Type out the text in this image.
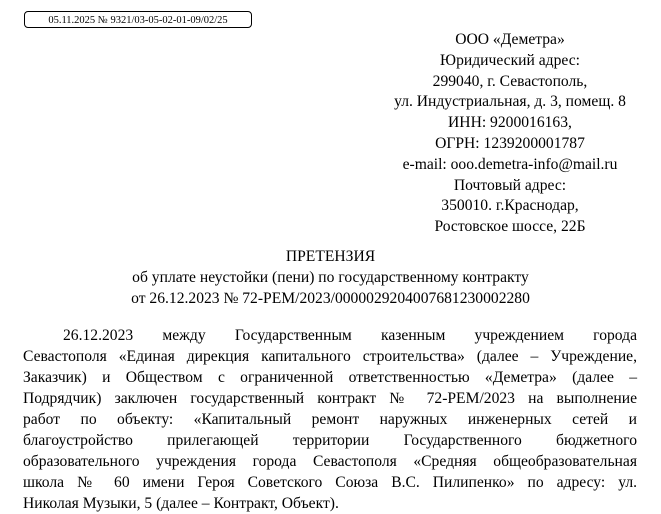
05.11.2025 № 9321/03-05-02-01-09/02/25
ООО «Деметра»
Юридический адрес:
299040, г. Севастополь,
ул. Индустриальная, д. 3, помещ. 8
ИНН: 9200016163,
ОГРН: 1239200001787
e-mail: ooo.demetra-info@mail.ru
Почтовый адрес:
350010. г.Краснодар,
Ростовское шоссе, 22Б
ПРЕТЕНЗИЯ
об уплате неустойки (пени) по государственному контракту
от 26.12.2023 № 72-РЕМ/2023/0000029204007681230002280
26.12.2023 между Государственным казенным учреждением города
Севастополя «Единая дирекция капитального строительства» (далее – Учреждение,
Заказчик) и Обществом с ограниченной ответственностью «Деметра» (далее –
Подрядчик) заключен государственный контракт № 72-РЕМ/2023 на выполнение
работ по объекту: «Капитальный ремонт наружных инженерных сетей и
благоустройство прилегающей территории Государственного бюджетного
образовательного учреждения города Севастополя «Средняя общеобразовательная
школа № 60 имени Героя Советского Союза В.С. Пилипенко» по адресу: ул.
Николая Музыки, 5 (далее – Контракт, Объект).
